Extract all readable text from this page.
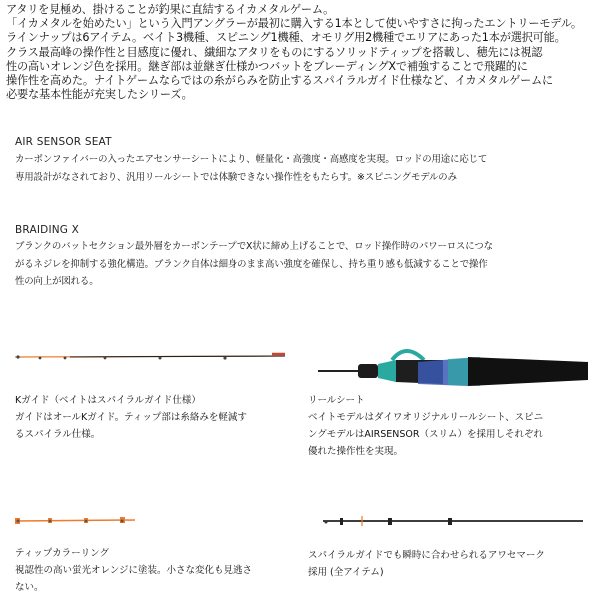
アタリを見極め、掛けることが釣果に直結するイカメタルゲーム。
「イカメタルを始めたい」という入門アングラーが最初に購入する1本として使いやすさに拘ったエントリーモデル。
ラインナップは6アイテム。ベイト3機種、スピニング1機種、オモリグ用2機種でエリアにあった1本が選択可能。
クラス最高峰の操作性と目感度に優れ、繊細なアタリをものにするソリッドティップを搭載し、穂先には視認
性の高いオレンジ色を採用。継ぎ部は並継ぎ仕様かつバットをブレーディングXで補強することで飛躍的に
操作性を高めた。ナイトゲームならではの糸がらみを防止するスパイラルガイド仕様など、イカメタルゲームに
必要な基本性能が充実したシリーズ。
AIR SENSOR SEAT
カーボンファイバーの入ったエアセンサーシートにより、軽量化・高強度・高感度を実現。ロッドの用途に応じて
専用設計がなされており、汎用リールシートでは体験できない操作性をもたらす。※スピニングモデルのみ
BRAIDING X
ブランクのバットセクション最外層をカーボンテープでX状に締め上げることで、ロッド操作時のパワーロスにつな
がるネジレを抑制する強化構造。ブランク自体は細身のまま高い強度を確保し、持ち重り感も低減することで操作
性の向上が図れる。
Kガイド（ベイトはスパイラルガイド仕様）
ガイドはオールKガイド。ティップ部は糸絡みを軽減す
るスパイラル仕様。
リールシート
ベイトモデルはダイワオリジナルリールシート、スピニ
ングモデルはAIRSENSOR（スリム）を採用しそれぞれ
優れた操作性を実現。
ティップカラーリング
視認性の高い蛍光オレンジに塗装。小さな変化も見逃さ
ない。
スパイラルガイドでも瞬時に合わせられるアワセマーク
採用 (全アイテム)
